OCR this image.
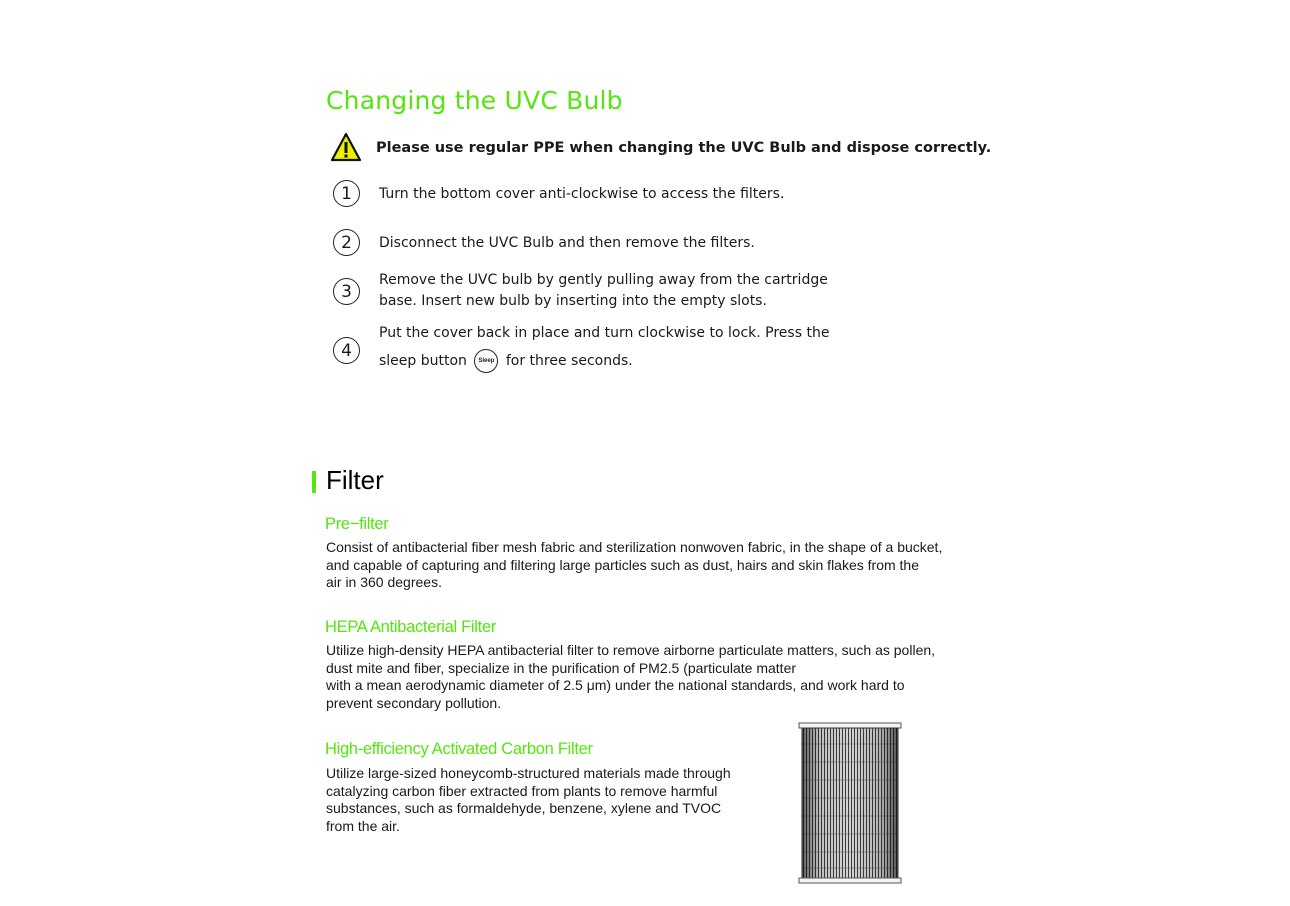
Changing the UVC Bulb
Please use regular PPE when changing the UVC Bulb and dispose correctly.
1	Turn the bottom cover anti-clockwise to access the filters.
2	Disconnect the UVC Bulb and then remove the filters.
3
Remove the UVC bulb by gently pulling away from the cartridge
base. Insert new bulb by inserting into the empty slots.
4
Put the cover back in place and turn clockwise to lock. Press the
sleep button Sleep for three seconds.
Filter
Pre−filter
Consist of antibacterial fiber mesh fabric and sterilization nonwoven fabric, in the shape of a bucket,
and capable of capturing and filtering large particles such as dust, hairs and skin flakes from the
air in 360 degrees.
HEPA Antibacterial Filter
Utilize high-density HEPA antibacterial filter to remove airborne particulate matters, such as pollen,
dust mite and fiber, specialize in the purification of PM2.5 (particulate matter
with a mean aerodynamic diameter of 2.5 μm) under the national standards, and work hard to
prevent secondary pollution.
High-efficiency Activated Carbon Filter
Utilize large-sized honeycomb-structured materials made through
catalyzing carbon fiber extracted from plants to remove harmful
substances, such as formaldehyde, benzene, xylene and TVOC
from the air.
